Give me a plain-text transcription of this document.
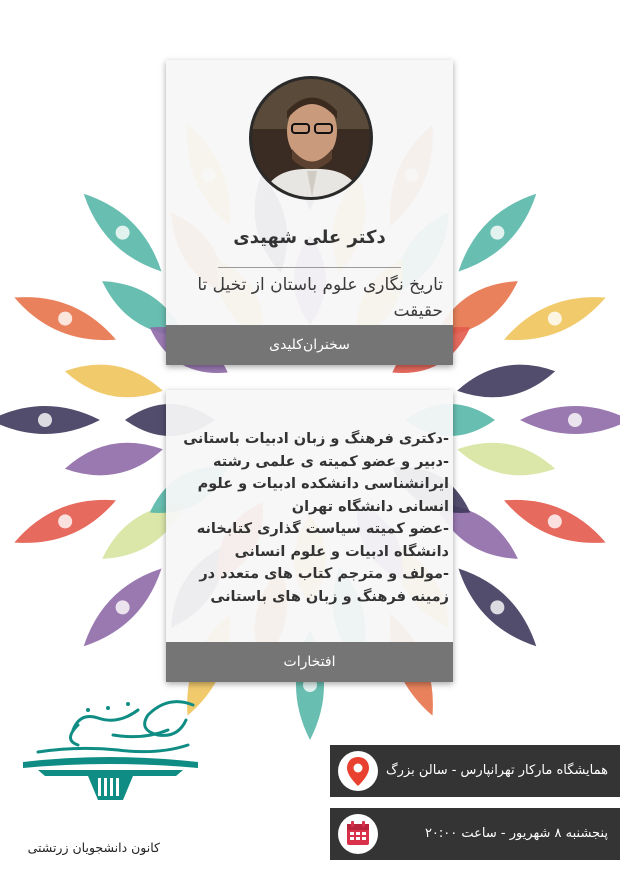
دکتر علی شهیدی
تاریخ نگاری علوم باستان از تخیل تا حقیقت
سخنران‌کلیدی
-دکتری فرهنگ و زبان ادبیات باستانی
-دبیر و عضو کمیته ی علمی رشته
ایرانشناسی دانشکده ادبیات و علوم
انسانی دانشگاه تهران
-عضو کمیته سیاست گذاری کتابخانه
دانشگاه ادبیات و علوم انسانی
-مولف و مترجم کتاب های متعدد در
زمینه فرهنگ و زبان های باستانی
افتخارات
کانون دانشجویان زرتشتی
همایشگاه مارکار تهرانپارس - سالن بزرگ
پنجشنبه ۸ شهریور - ساعت ۲۰:۰۰
